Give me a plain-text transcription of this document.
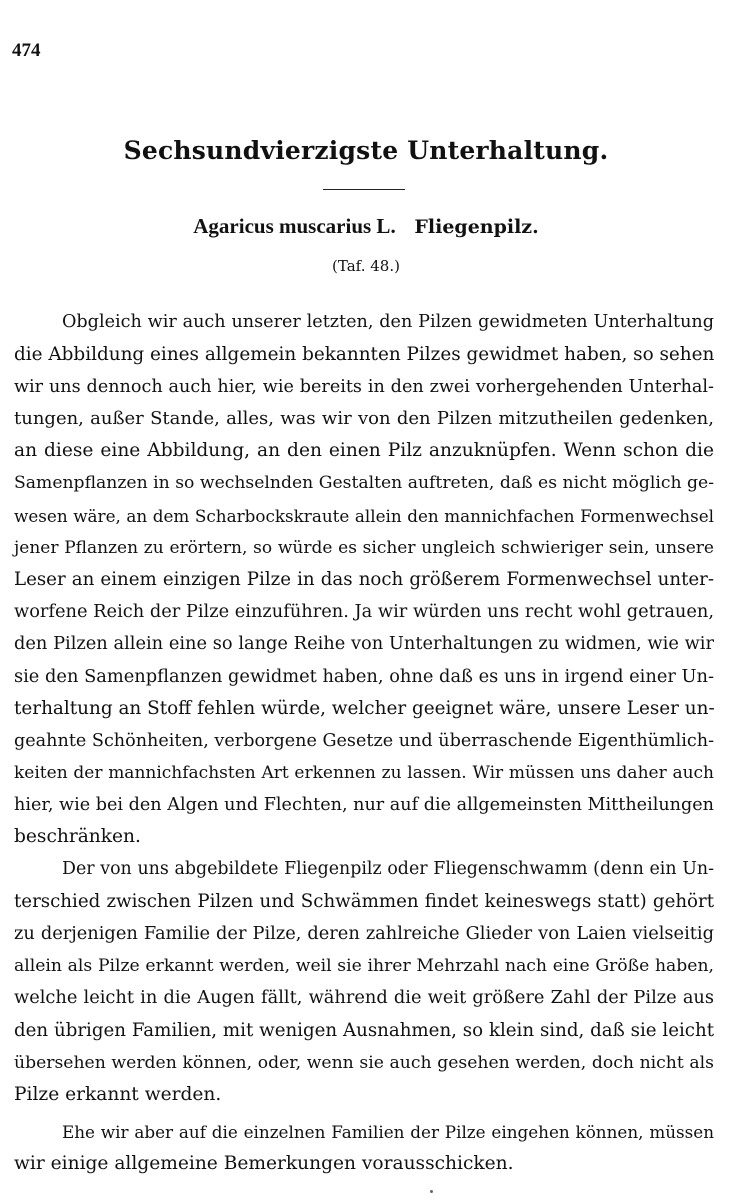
474
Sechsundvierzigste Unterhaltung.
Agaricus muscarius L. Fliegenpilz.
(Taf. 48.)
Obgleich wir auch unserer letzten, den Pilzen gewidmeten Unterhaltung
die Abbildung eines allgemein bekannten Pilzes gewidmet haben, so sehen
wir uns dennoch auch hier, wie bereits in den zwei vorhergehenden Unterhal-
tungen, außer Stande, alles, was wir von den Pilzen mitzutheilen gedenken,
an diese eine Abbildung, an den einen Pilz anzuknüpfen. Wenn schon die
Samenpflanzen in so wechselnden Gestalten auftreten, daß es nicht möglich ge-
wesen wäre, an dem Scharbockskraute allein den mannichfachen Formenwechsel
jener Pflanzen zu erörtern, so würde es sicher ungleich schwieriger sein, unsere
Leser an einem einzigen Pilze in das noch größerem Formenwechsel unter-
worfene Reich der Pilze einzuführen. Ja wir würden uns recht wohl getrauen,
den Pilzen allein eine so lange Reihe von Unterhaltungen zu widmen, wie wir
sie den Samenpflanzen gewidmet haben, ohne daß es uns in irgend einer Un-
terhaltung an Stoff fehlen würde, welcher geeignet wäre, unsere Leser un-
geahnte Schönheiten, verborgene Gesetze und überraschende Eigenthümlich-
keiten der mannichfachsten Art erkennen zu lassen. Wir müssen uns daher auch
hier, wie bei den Algen und Flechten, nur auf die allgemeinsten Mittheilungen
beschränken.
Der von uns abgebildete Fliegenpilz oder Fliegenschwamm (denn ein Un-
terschied zwischen Pilzen und Schwämmen findet keineswegs statt) gehört
zu derjenigen Familie der Pilze, deren zahlreiche Glieder von Laien vielseitig
allein als Pilze erkannt werden, weil sie ihrer Mehrzahl nach eine Größe haben,
welche leicht in die Augen fällt, während die weit größere Zahl der Pilze aus
den übrigen Familien, mit wenigen Ausnahmen, so klein sind, daß sie leicht
übersehen werden können, oder, wenn sie auch gesehen werden, doch nicht als
Pilze erkannt werden.
Ehe wir aber auf die einzelnen Familien der Pilze eingehen können, müssen
wir einige allgemeine Bemerkungen vorausschicken.
